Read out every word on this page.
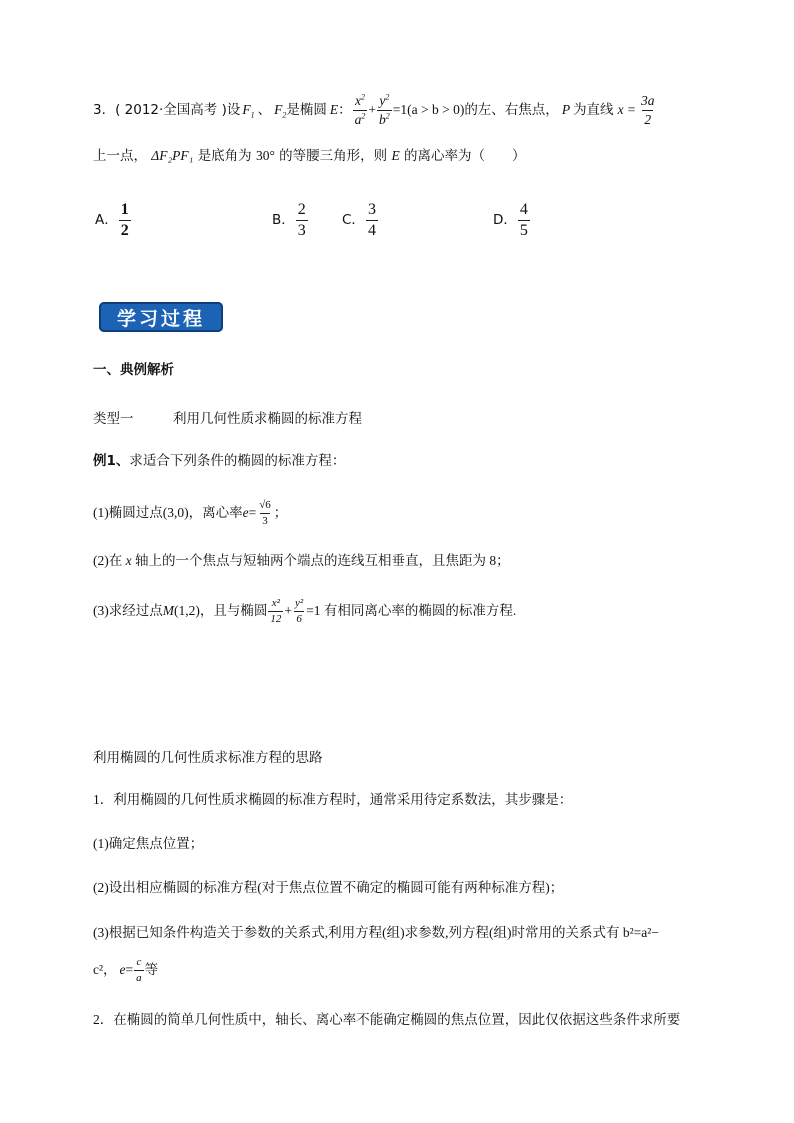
3． ( 2012·全国高考 ) 设 $F_1$ 、 $F_2$ 是椭圆 E ： $\frac{x^2}{a^2} + \frac{y^2}{b^2} =1(a > b > 0)$ 的左、右焦点， P 为直线 $x = \frac{3a}{2}$
上一点， ΔF₂PF₁ 是底角为 30° 的等腰三角形，则 E 的离心率为（　　）
A． $\frac{1}{2}$	B． $\frac{2}{3}$	C． $\frac{3}{4}$	D． $\frac{4}{5}$
学习过程
一、典例解析
类型一	利用几何性质求椭圆的标准方程
例1、求适合下列条件的椭圆的标准方程：
(1)椭圆过点(3,0)，离心率 $e = \frac{√6}{3}$ ；
(2)在 x 轴上的一个焦点与短轴两个端点的连线互相垂直，且焦距为 8；
(3)求经过点 M (1,2)，且与椭圆 $\frac{\text{x²}}{12} + \frac{\text{y²}}{6} =1$ 有相同离心率的椭圆的标准方程.
利用椭圆的几何性质求标准方程的思路
1．利用椭圆的几何性质求椭圆的标准方程时，通常采用待定系数法，其步骤是：
(1)确定焦点位置；
(2)设出相应椭圆的标准方程(对于焦点位置不确定的椭圆可能有两种标准方程)；
(3)根据已知条件构造关于参数的关系式,利用方程(组)求参数,列方程(组)时常用的关系式有 b²=a²−
c²， $e = \frac{c}{a}$ 等
2．在椭圆的简单几何性质中，轴长、离心率不能确定椭圆的焦点位置，因此仅依据这些条件求所要
